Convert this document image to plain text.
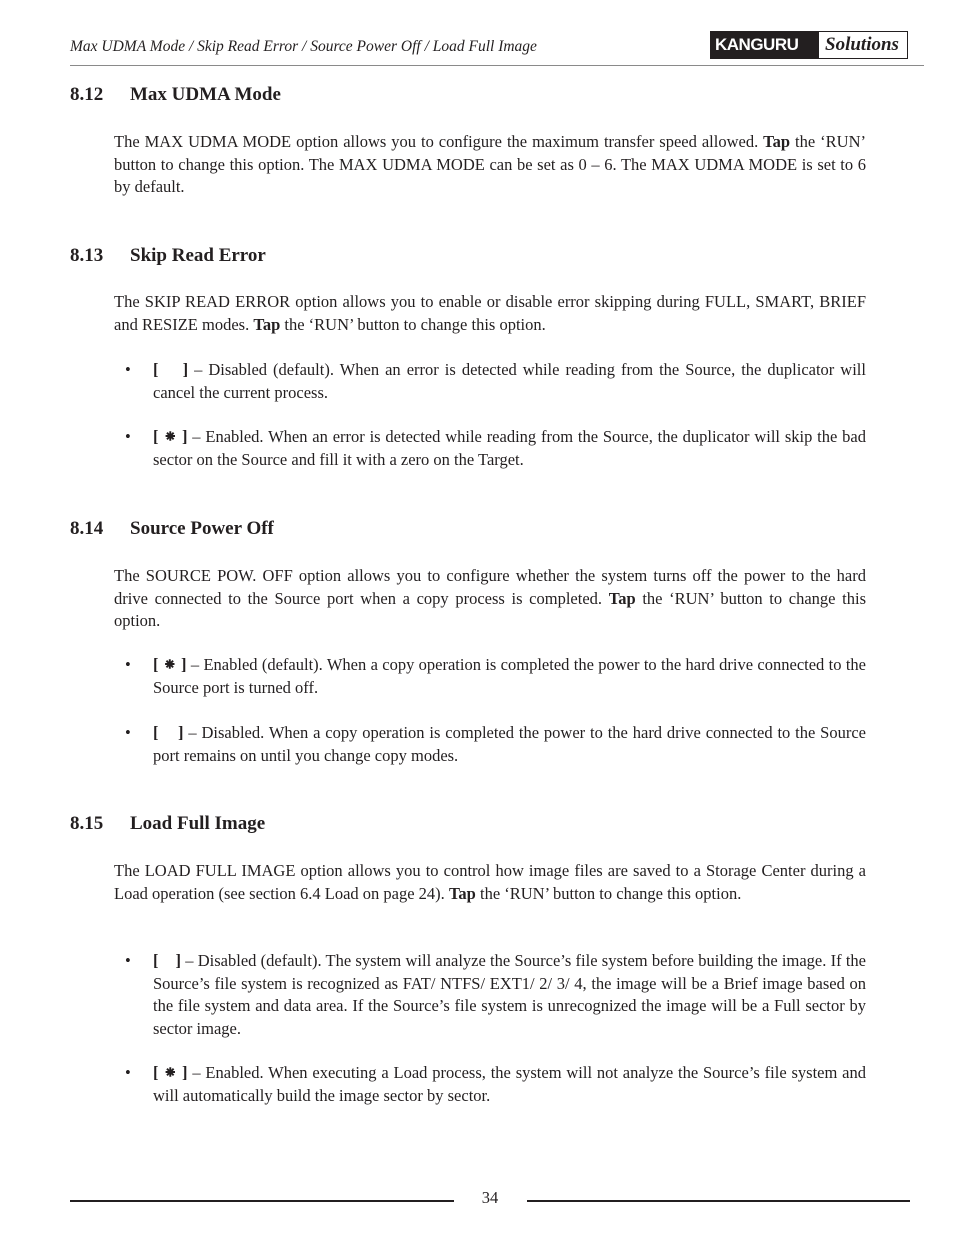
Max UDMA Mode / Skip Read Error / Source Power Off / Load Full Image	KANGURU	Solutions
8.12 Max UDMA Mode
The MAX UDMA MODE option allows you to configure the maximum transfer speed allowed. Tap the ‘RUN’ button to change this option. The MAX UDMA MODE can be set as 0 – 6. The MAX UDMA MODE is set to 6 by default.
8.13 Skip Read Error
The SKIP READ ERROR option allows you to enable or disable error skipping during FULL, SMART, BRIEF and RESIZE modes. Tap the ‘RUN’ button to change this option.
• [    ] – Disabled (default). When an error is detected while reading from the Source, the duplicator will cancel the current process.
• [ ⁕ ] – Enabled. When an error is detected while reading from the Source, the duplicator will skip the bad sector on the Source and fill it with a zero on the Target.
8.14 Source Power Off
The SOURCE POW. OFF option allows you to configure whether the system turns off the power to the hard drive connected to the Source port when a copy process is completed. Tap the ‘RUN’ button to change this option.
• [ ⁕ ] – Enabled (default). When a copy operation is completed the power to the hard drive connected to the Source port is turned off.
• [    ] – Disabled. When a copy operation is completed the power to the hard drive connected to the Source port remains on until you change copy modes.
8.15 Load Full Image
The LOAD FULL IMAGE option allows you to control how image files are saved to a Storage Center during a Load operation (see section 6.4 Load on page 24). Tap the ‘RUN’ button to change this option.
• [    ] – Disabled (default). The system will analyze the Source’s file system before building the image. If the Source’s file system is recognized as FAT/ NTFS/ EXT1/ 2/ 3/ 4, the image will be a Brief image based on the file system and data area. If the Source’s file system is unrecognized the image will be a Full sector by sector image.
• [ ⁕ ] – Enabled. When executing a Load process, the system will not analyze the Source’s file system and will automatically build the image sector by sector.
34
